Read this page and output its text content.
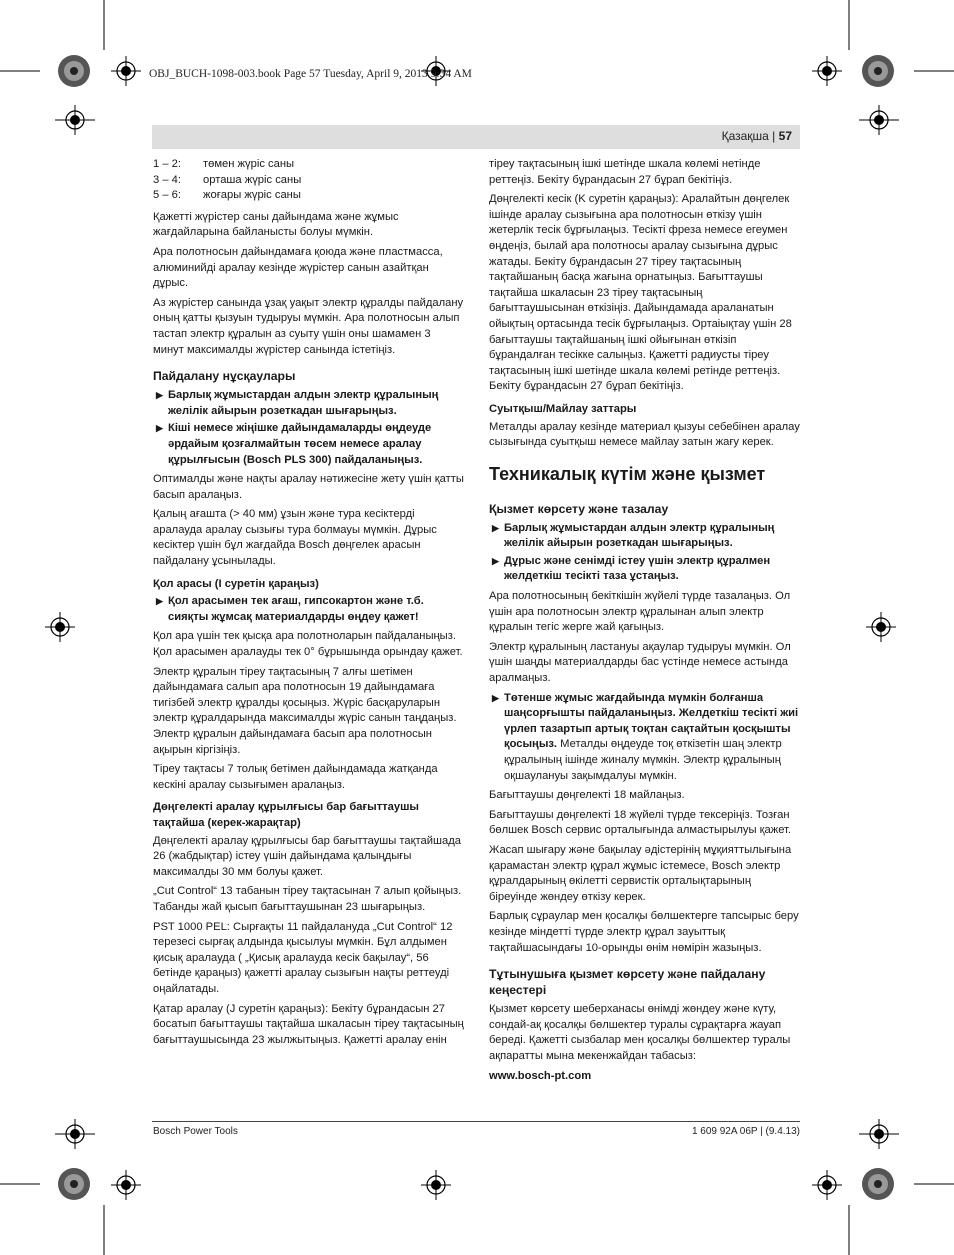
OBJ_BUCH-1098-003.book Page 57 Tuesday, April 9, 2013 9:34 AM
Қазақша | 57
1 – 2:	төмен жүріс саны
3 – 4:	орташа жүріс саны
5 – 6:	жоғары жүріс саны

Қажетті жүрістер саны дайындама және жұмыс жағдайларына байланысты болуы мүмкін.

Ара полотносын дайындамаға қоюда және пластмасса, алюминийді аралау кезінде жүрістер санын азайтқан дұрыс.

Аз жүрістер санында ұзақ уақыт электр құралды пайдалану оның қатты қызуын тудыруы мүмкін. Ара полотносын алып тастап электр құралын аз суыту үшін оны шамамен 3 минут максималды жүрістер санында істетіңіз.

Пайдалану нұсқаулары
▶ Барлық жұмыстардан алдын электр құралының желілік айырын розеткадан шығарыңыз.
▶ Кіші немесе жіңішке дайындамаларды өңдеуде әрдайым қозғалмайтын төсем немесе аралау құрылғысын (Bosch PLS 300) пайдаланыңыз.

Оптималды және нақты аралау нәтижесіне жету үшін қатты басып аралаңыз.

Қалың ағашта (> 40 мм) ұзын және тура кесіктерді аралауда аралау сызығы тура болмауы мүмкін. Дұрыс кесіктер үшін бұл жағдайда Bosch дөңгелек арасын пайдалану ұсынылады.

Қол арасы (I суретін қараңыз)
▶ Қол арасымен тек ағаш, гипсокартон және т.б. сияқты жұмсақ материалдарды өңдеу қажет!

Қол ара үшін тек қысқа ара полотноларын пайдаланыңыз. Қол арасымен аралауды тек 0° бұрышында орындау қажет.

Электр құралын тіреу тақтасының 7 алғы шетімен дайындамаға салып ара полотносын 19 дайындамаға тигізбей электр құралды қосыңыз. Жүріс басқаруларын электр құралдарында максималды жүріс санын таңдаңыз. Электр құралын дайындамаға басып ара полотносын ақырын кіргізіңіз.

Тіреу тақтасы 7 толық бетімен дайындамада жатқанда кескіні аралау сызығымен аралаңыз.

Дөңгелекті аралау құрылғысы бар бағыттаушы тақтайша (керек-жарақтар)

Дөңгелекті аралау құрылғысы бар бағыттаушы тақтайшада 26 (жабдықтар) істеу үшін дайындама қалыңдығы максималды 30 мм болуы қажет.

„Cut Control“ 13 табанын тіреу тақтасынан 7 алып қойыңыз. Табанды жай қысып бағыттаушынан 23 шығарыңыз.

PST 1000 PEL: Сырғақты 11 пайдалануда „Cut Control“ 12 терезесі сырғақ алдында қысылуы мүмкін. Бұл алдымен қисық аралауда ( „Қисық аралауда кесік бақылау“, 56 бетінде қараңыз) қажетті аралау сызығын нақты реттеуді оңайлатады.

Қатар аралау (J суретін қараңыз): Бекіту бұрандасын 27 босатып бағыттаушы тақтайша шкаласын тіреу тақтасының бағыттаушысында 23 жылжытыңыз. Қажетті аралау енін

тіреу тақтасының ішкі шетінде шкала көлемі нетінде реттеңіз. Бекіту бұрандасын 27 бұрап бекітіңіз.

Дөңгелекті кесік (K суретін қараңыз): Аралайтын дөңгелек ішінде аралау сызығына ара полотносын өткізу үшін жетерлік тесік бұрғылаңыз. Тесікті фреза немесе егеумен өңдеңіз, былай ара полотносы аралау сызығына дұрыс жатады. Бекіту бұрандасын 27 тіреу тақтасының тақтайшаның басқа жағына орнатыңыз. Бағыттаушы тақтайша шкаласын 23 тіреу тақтасының бағыттаушысынан өткізіңіз. Дайындамада араланатын ойықтың ортасында тесік бұрғылаңыз. Ортаіықтау үшін 28 бағыттаушы тақтайшаның ішкі ойығынан өткізіп бұрандалған тесікке салыңыз. Қажетті радиусты тіреу тақтасының ішкі шетінде шкала көлемі ретінде реттеңіз. Бекіту бұрандасын 27 бұрап бекітіңіз.

Суытқыш/Майлау заттары

Металды аралау кезінде материал қызуы себебінен аралау сызығында суытқыш немесе майлау затын жағу керек.

Техникалық күтім және қызмет
Қызмет көрсету және тазалау
▶ Барлық жұмыстардан алдын электр құралының желілік айырын розеткадан шығарыңыз.
▶ Дұрыс және сенімді істеу үшін электр құралмен желдеткіш тесікті таза ұстаңыз.

Ара полотносының бекіткішін жүйелі түрде тазалаңыз. Ол үшін ара полотносын электр құралынан алып электр құралын тегіс жерге жай қағыңыз.

Электр құралының ластануы ақаулар тудыруы мүмкін. Ол үшін шаңды материалдарды бас үстінде немесе астында аралмаңыз.

▶ Төтенше жұмыс жағдайында мүмкін болғанша шаңсорғышты пайдаланыңыз. Желдеткіш тесікті жиі үрлеп тазартып артық тоқтан сақтайтын қосқышты қосыңыз. Металды өңдеуде тоқ өткізетін шаң электр құралының ішінде жиналу мүмкін. Электр құралының оқшаулануы зақымдалуы мүмкін.

Бағыттаушы дөңгелекті 18 майлаңыз.

Бағыттаушы дөңгелекті 18 жүйелі түрде тексеріңіз. Тозған бөлшек Bosch сервис орталығында алмастырылуы қажет.

Жасап шығару және бақылау әдістерінің мұқияттылығына қарамастан электр құрал жұмыс істемесе, Bosch электр құралдарының өкілетті сервистік орталықтарының біреуінде жөндеу өткізу керек.

Барлық сұраулар мен қосалқы бөлшектерге тапсырыс беру кезінде міндетті түрде электр құрал зауыттық тақтайшасындағы 10-орынды өнім нөмірін жазыңыз.

Тұтынушыға қызмет көрсету және пайдалану кеңестері

Қызмет көрсету шеберханасы өнімді жөндеу және күту, сондай-ақ қосалқы бөлшектер туралы сұрақтарға жауап береді. Қажетті сызбалар мен қосалқы бөлшектер туралы ақпаратты мына мекенжайдан табасыз:

www.bosch-pt.com

Bosch Power Tools	1 609 92A 06P | (9.4.13)
